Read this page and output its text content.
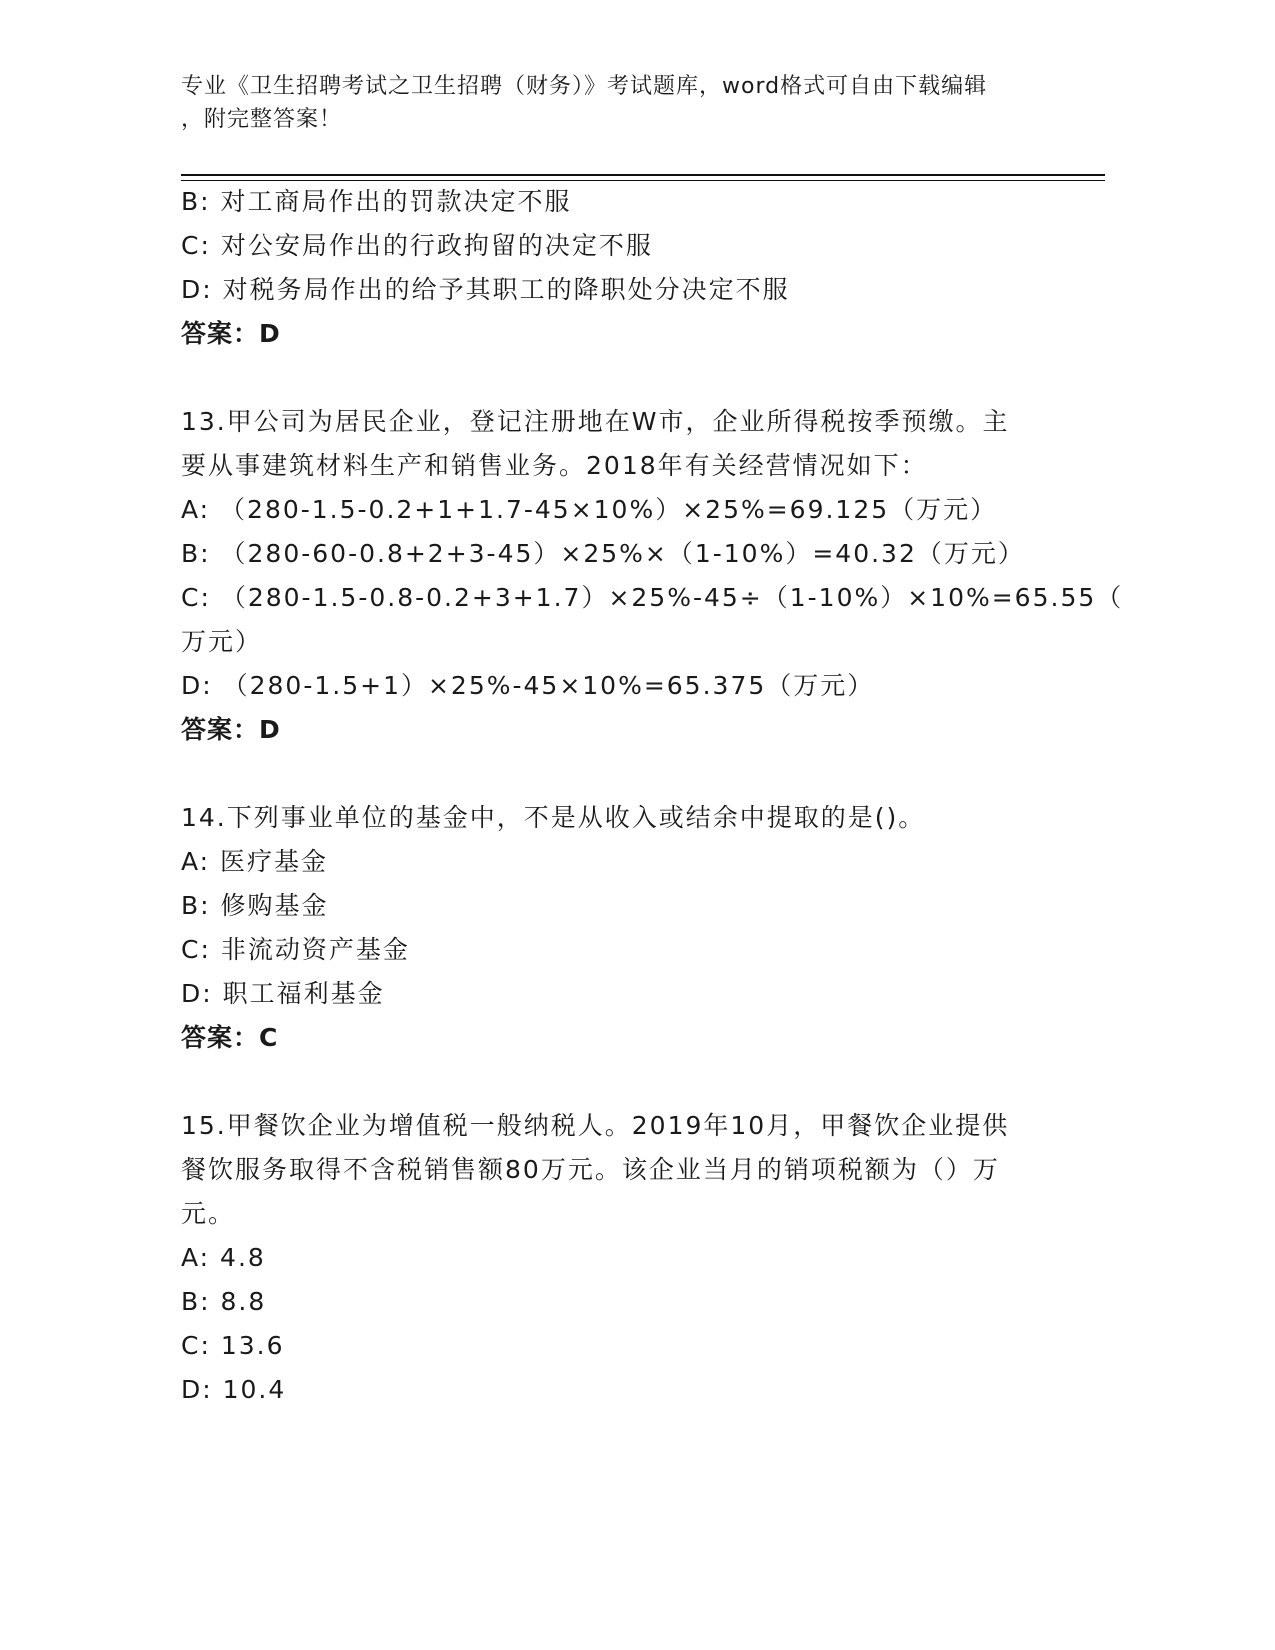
专业《卫生招聘考试之卫生招聘（财务）》考试题库，word格式可自由下载编辑
，附完整答案！
B: 对工商局作出的罚款决定不服
C: 对公安局作出的行政拘留的决定不服
D: 对税务局作出的给予其职工的降职处分决定不服
答案：D
13.甲公司为居民企业，登记注册地在W市，企业所得税按季预缴。主
要从事建筑材料生产和销售业务。2018年有关经营情况如下：
A: （280-1.5-0.2+1+1.7-45×10%）×25%=69.125（万元）
B: （280-60-0.8+2+3-45）×25%×（1-10%）=40.32（万元）
C: （280-1.5-0.8-0.2+3+1.7）×25%-45÷（1-10%）×10%=65.55（
万元）
D: （280-1.5+1）×25%-45×10%=65.375（万元）
答案：D
14.下列事业单位的基金中，不是从收入或结余中提取的是()。
A: 医疗基金
B: 修购基金
C: 非流动资产基金
D: 职工福利基金
答案：C
15.甲餐饮企业为增值税一般纳税人。2019年10月，甲餐饮企业提供
餐饮服务取得不含税销售额80万元。该企业当月的销项税额为（）万
元。
A: 4.8
B: 8.8
C: 13.6
D: 10.4
